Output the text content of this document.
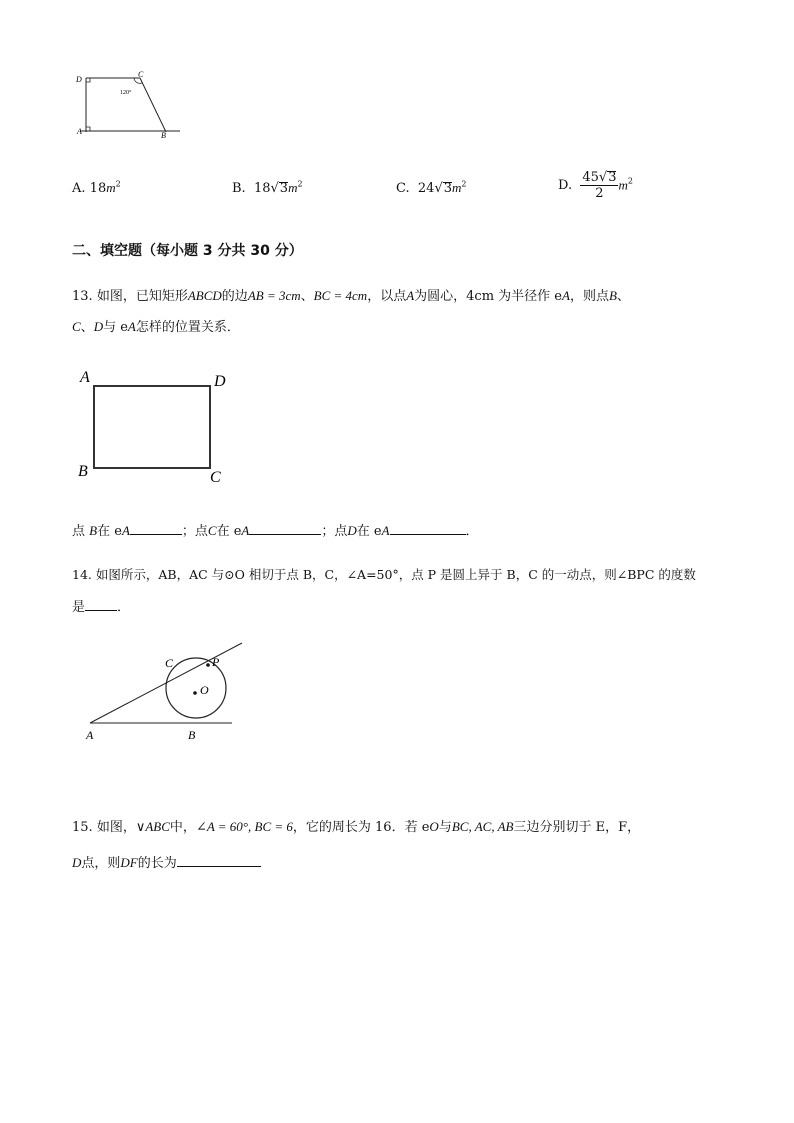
D
C
A	B
120°
A. $18m^2$	B. $18√3m^2$	C. $24√3m^2$	D. $\frac{45√3}{2} m^2$
二、填空题（每小题 3 分共 30 分）
13. 如图，已知矩形ABCD的边AB = 3cm、BC = 4cm，以点A为圆心，4cm 为半径作 eA，则点B、
C、D与 eA怎样的位置关系．
A	D
B	C
点 B在 eA	；点C在 eA	；点D在 eA	．
14. 如图所示，AB，AC 与⊙O 相切于点 B，C，∠A=50°，点 P 是圆上异于 B，C 的一动点，则∠BPC 的度数
是 ．
C	P
O
A	B
15. 如图，∨ABC中，∠A = 60°, BC = 6，它的周长为 16．若 eO与BC, AC, AB三边分别切于 E，F，
D点，则DF的长为
